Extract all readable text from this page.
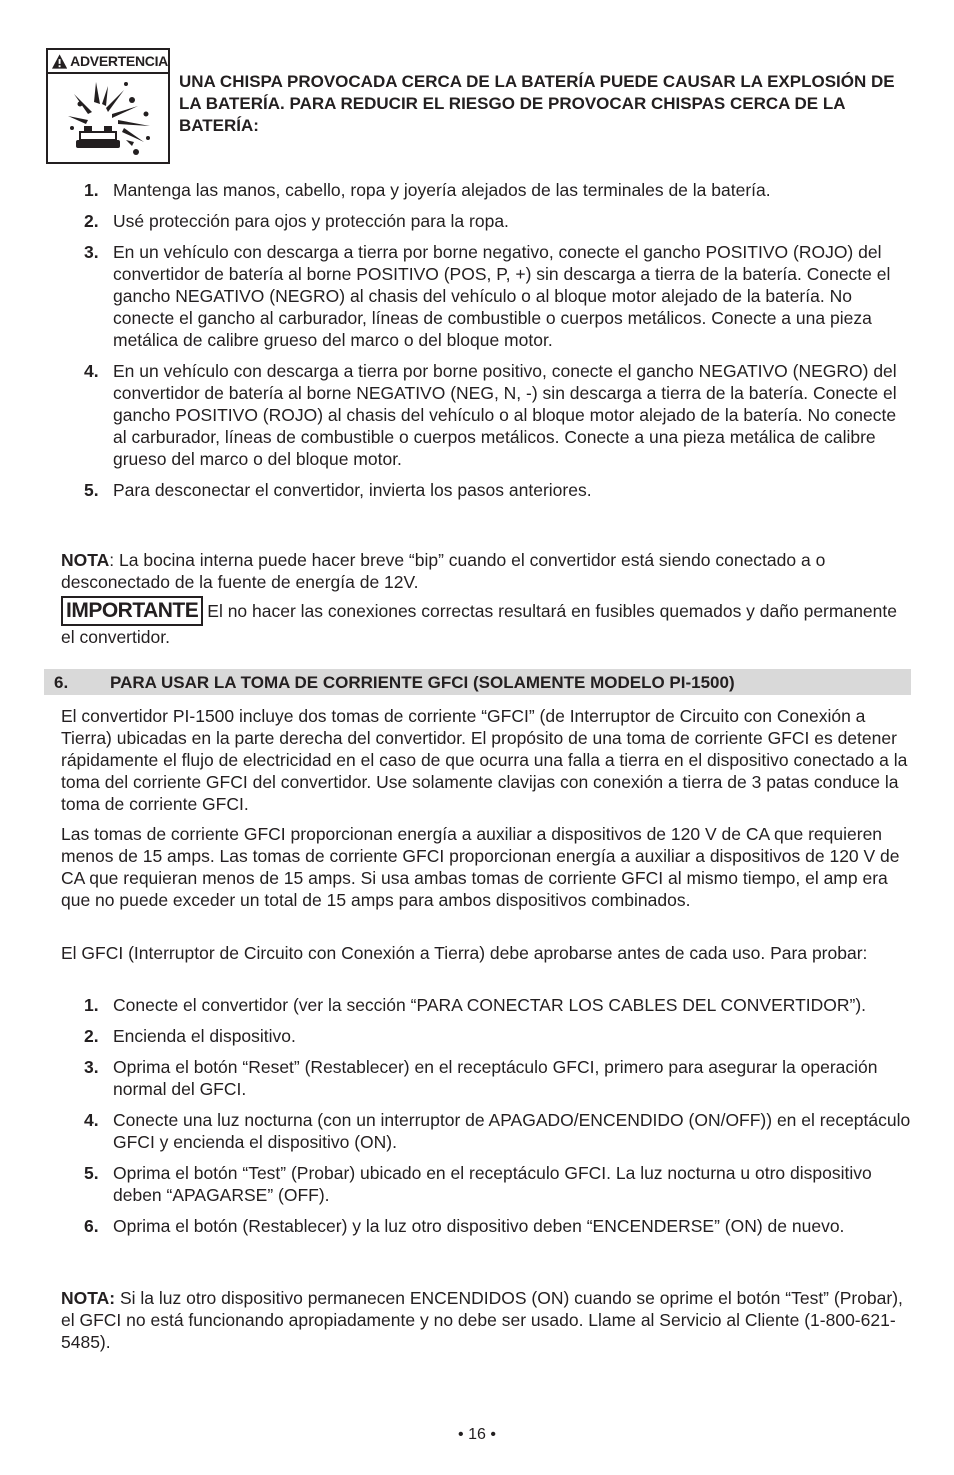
ADVERTENCIA
UNA CHISPA PROVOCADA CERCA DE LA BATERÍA PUEDE CAUSAR LA EXPLOSIÓN DE LA BATERÍA. PARA REDUCIR EL RIESGO DE PROVOCAR CHISPAS CERCA DE LA BATERÍA:
1. Mantenga las manos, cabello, ropa y joyería alejados de las terminales de la batería.
2. Usé protección para ojos y protección para la ropa.
3. En un vehículo con descarga a tierra por borne negativo, conecte el gancho POSITIVO (ROJO) del convertidor de batería al borne POSITIVO (POS, P, +) sin descarga a tierra de la batería. Conecte el gancho NEGATIVO (NEGRO) al chasis del vehículo o al bloque motor alejado de la batería. No conecte el gancho al carburador, líneas de combustible o cuerpos metálicos. Conecte a una pieza metálica de calibre grueso del marco o del bloque motor.
4. En un vehículo con descarga a tierra por borne positivo, conecte el gancho NEGATIVO (NEGRO) del convertidor de batería al borne NEGATIVO (NEG, N, -) sin descarga a tierra de la batería. Conecte el gancho POSITIVO (ROJO) al chasis del vehículo o al bloque motor alejado de la batería. No conecte al carburador, líneas de combustible o cuerpos metálicos. Conecte a una pieza metálica de calibre grueso del marco o del bloque motor.
5. Para desconectar el convertidor, invierta los pasos anteriores.

NOTA: La bocina interna puede hacer breve “bip” cuando el convertidor está siendo conectado a o desconectado de la fuente de energía de 12V.

IMPORTANTE El no hacer las conexiones correctas resultará en fusibles quemados y daño permanente el convertidor.

6. PARA USAR LA TOMA DE CORRIENTE GFCI (SOLAMENTE MODELO PI-1500)

El convertidor PI-1500 incluye dos tomas de corriente “GFCI” (de Interruptor de Circuito con Conexión a Tierra) ubicadas en la parte derecha del convertidor. El propósito de una toma de corriente GFCI es detener rápidamente el flujo de electricidad en el caso de que ocurra una falla a tierra en el dispositivo conectado a la toma del corriente GFCI del convertidor. Use solamente clavijas con conexión a tierra de 3 patas conduce la toma de corriente GFCI.

Las tomas de corriente GFCI proporcionan energía a auxiliar a dispositivos de 120 V de CA que requieren menos de 15 amps. Las tomas de corriente GFCI proporcionan energía a auxiliar a dispositivos de 120 V de CA que requieran menos de 15 amps. Si usa ambas tomas de corriente GFCI al mismo tiempo, el amp era que no puede exceder un total de 15 amps para ambos dispositivos combinados.

El GFCI (Interruptor de Circuito con Conexión a Tierra) debe aprobarse antes de cada uso. Para probar:

1. Conecte el convertidor (ver la sección “PARA CONECTAR LOS CABLES DEL CONVERTIDOR”).
2. Encienda el dispositivo.
3. Oprima el botón “Reset” (Restablecer) en el receptáculo GFCI, primero para asegurar la operación normal del GFCI.
4. Conecte una luz nocturna (con un interruptor de APAGADO/ENCENDIDO (ON/OFF)) en el receptáculo GFCI y encienda el dispositivo (ON).
5. Oprima el botón “Test” (Probar) ubicado en el receptáculo GFCI. La luz nocturna u otro dispositivo deben “APAGARSE” (OFF).
6. Oprima el botón (Restablecer) y la luz otro dispositivo deben “ENCENDERSE” (ON) de nuevo.

NOTA: Si la luz otro dispositivo permanecen ENCENDIDOS (ON) cuando se oprime el botón “Test” (Probar), el GFCI no está funcionando apropiadamente y no debe ser usado. Llame al Servicio al Cliente (1-800-621-5485).

• 16 •
